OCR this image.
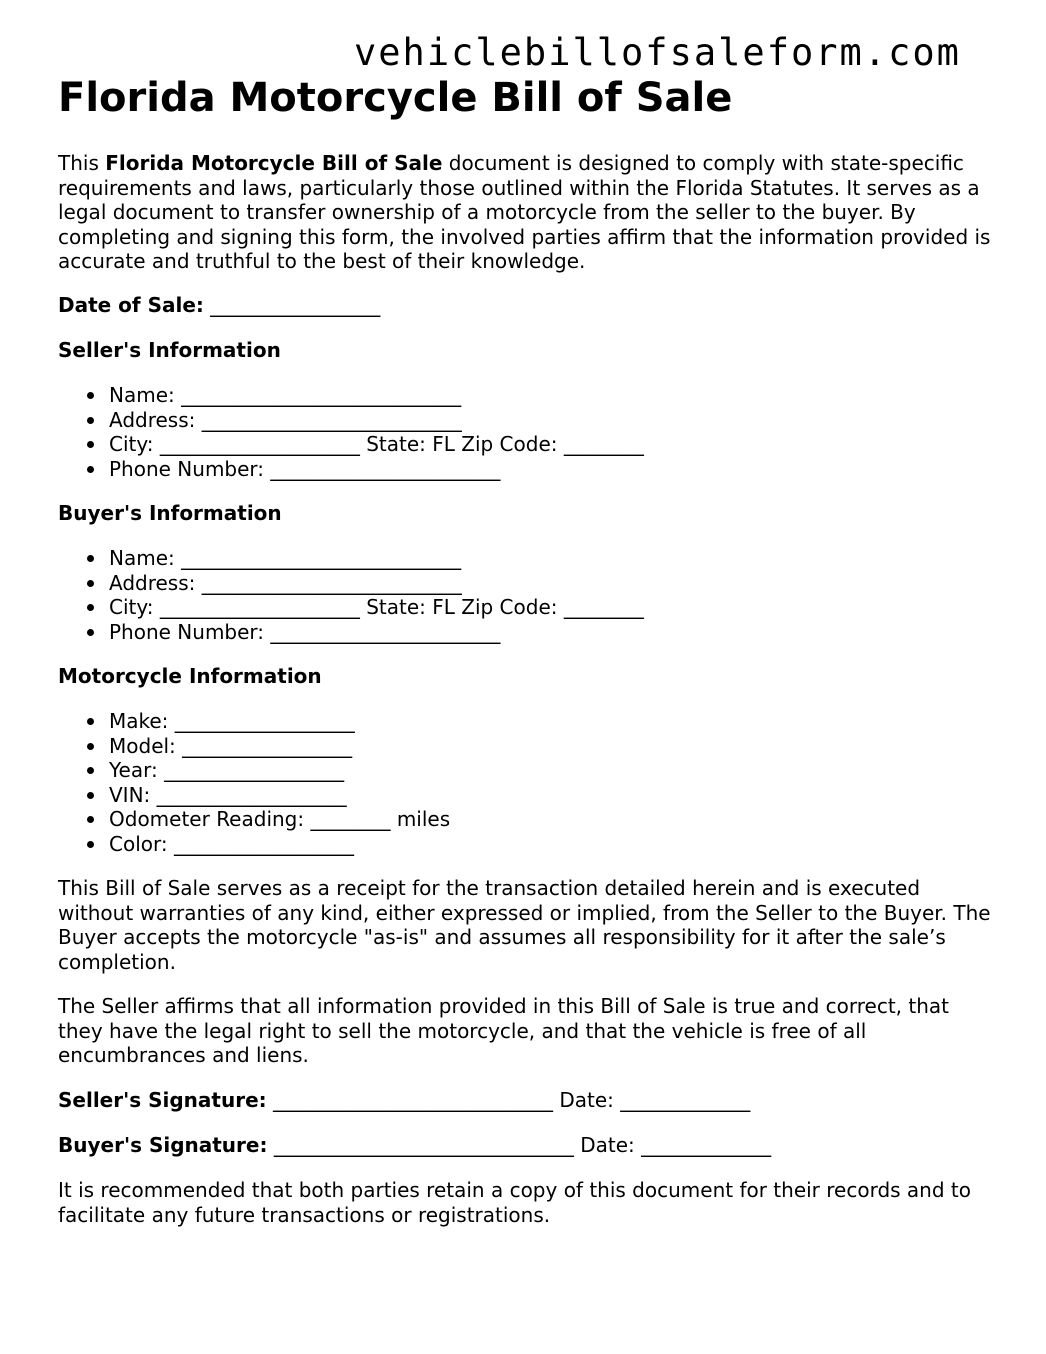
vehiclebillofsaleform.com
Florida Motorcycle Bill of Sale

This Florida Motorcycle Bill of Sale document is designed to comply with state-specific requirements and laws, particularly those outlined within the Florida Statutes. It serves as a legal document to transfer ownership of a motorcycle from the seller to the buyer. By completing and signing this form, the involved parties affirm that the information provided is accurate and truthful to the best of their knowledge.

Date of Sale: _________________

Seller's Information
Name: ____________________________
Address: __________________________
City: ____________________ State: FL Zip Code: ________
Phone Number: _______________________
Buyer's Information
Name: ____________________________
Address: __________________________
City: ____________________ State: FL Zip Code: ________
Phone Number: _______________________
Motorcycle Information
Make: __________________
Model: _________________
Year: __________________
VIN: ___________________
Odometer Reading: ________ miles
Color: __________________

This Bill of Sale serves as a receipt for the transaction detailed herein and is executed without warranties of any kind, either expressed or implied, from the Seller to the Buyer. The Buyer accepts the motorcycle "as-is" and assumes all responsibility for it after the sale’s completion.

The Seller affirms that all information provided in this Bill of Sale is true and correct, that they have the legal right to sell the motorcycle, and that the vehicle is free of all encumbrances and liens.

Seller's Signature: ____________________________ Date: _____________

Buyer's Signature: ______________________________ Date: _____________

It is recommended that both parties retain a copy of this document for their records and to facilitate any future transactions or registrations.
